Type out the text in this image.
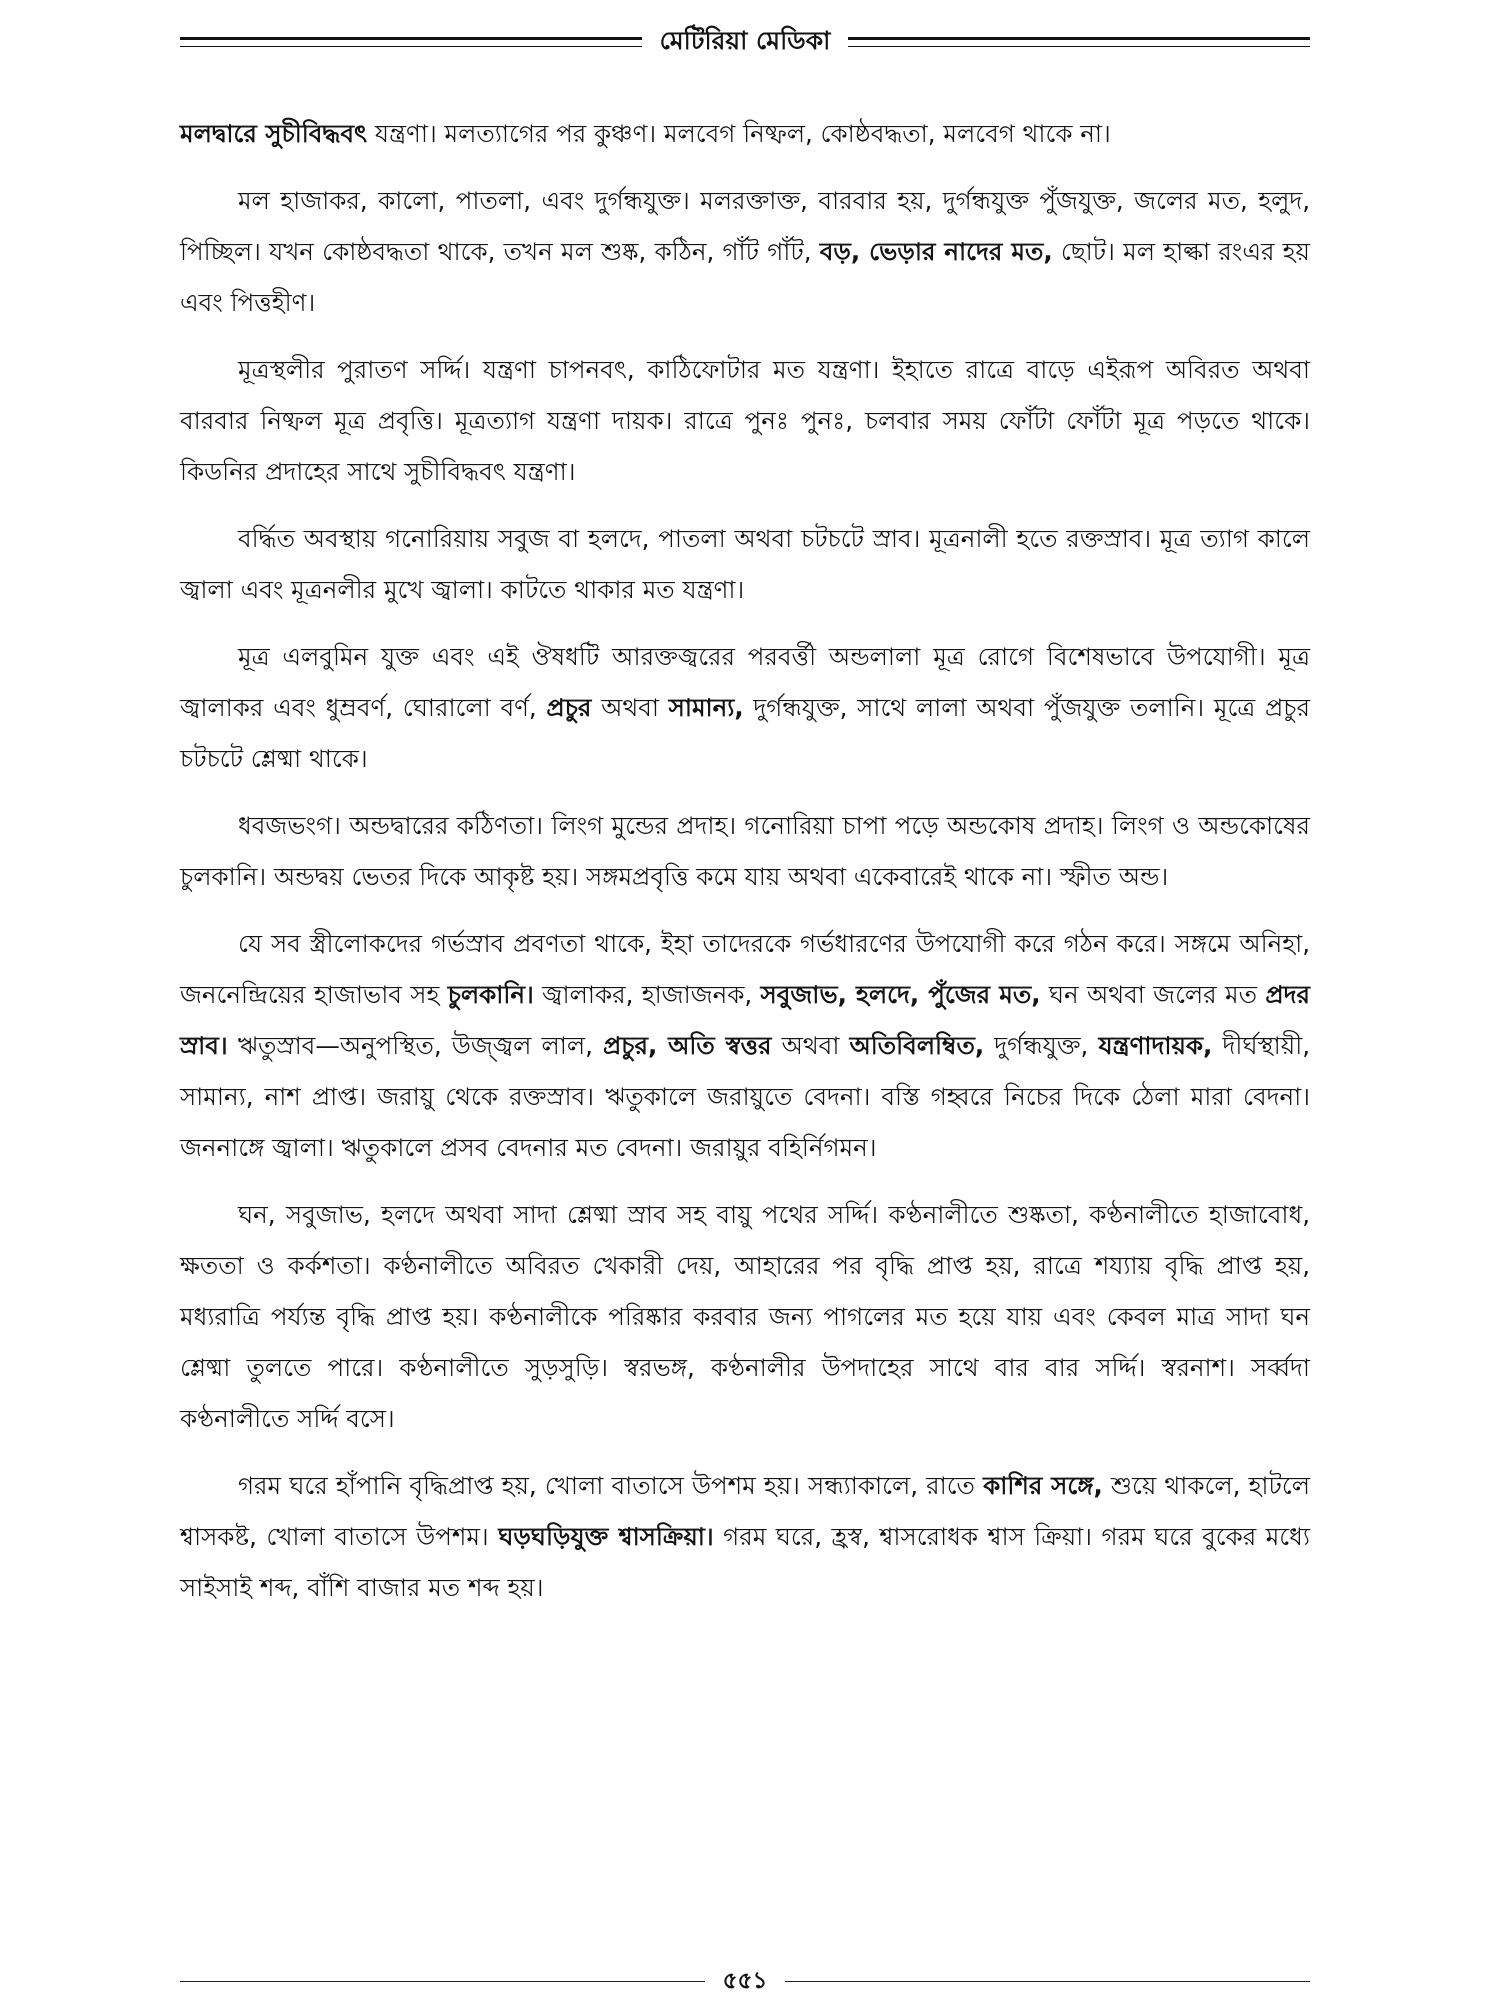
মেটিরিয়া মেডিকা

মলদ্বারে সুচীবিদ্ধবৎ যন্ত্রণা। মলত্যাগের পর কুঞ্চণ। মলবেগ নিষ্ফল, কোষ্ঠবদ্ধতা, মলবেগ থাকে না।

মল হাজাকর, কালো, পাতলা, এবং দুর্গন্ধযুক্ত। মলরক্তাক্ত, বারবার হয়, দুর্গন্ধযুক্ত পুঁজযুক্ত, জলের মত, হলুদ, পিচ্ছিল। যখন কোষ্ঠবদ্ধতা থাকে, তখন মল শুষ্ক, কঠিন, গাঁট গাঁট, বড়, ভেড়ার নাদের মত, ছোট। মল হাল্কা রংএর হয় এবং পিত্তহীণ।

মূত্রস্থলীর পুরাতণ সর্দ্দি। যন্ত্রণা চাপনবৎ, কাঠিফোটার মত যন্ত্রণা। ইহাতে রাত্রে বাড়ে এইরূপ অবিরত অথবা বারবার নিষ্ফল মূত্র প্রবৃত্তি। মূত্রত্যাগ যন্ত্রণা দায়ক। রাত্রে পুনঃ পুনঃ, চলবার সময় ফোঁটা ফোঁটা মূত্র পড়তে থাকে। কিডনির প্রদাহের সাথে সুচীবিদ্ধবৎ যন্ত্রণা।

বর্দ্ধিত অবস্থায় গনোরিয়ায় সবুজ বা হলদে, পাতলা অথবা চটচটে স্রাব। মূত্রনালী হতে রক্তস্রাব। মূত্র ত্যাগ কালে জ্বালা এবং মূত্রনলীর মুখে জ্বালা। কাটতে থাকার মত যন্ত্রণা।

মূত্র এলবুমিন যুক্ত এবং এই ঔষধটি আরক্তজ্বরের পরবর্ত্তী অন্ডলালা মূত্র রোগে বিশেষভাবে উপযোগী। মূত্র জ্বালাকর এবং ধুম্রবর্ণ, ঘোরালো বর্ণ, প্রচুর অথবা সামান্য, দুর্গন্ধযুক্ত, সাথে লালা অথবা পুঁজযুক্ত তলানি। মূত্রে প্রচুর চটচটে শ্লেষ্মা থাকে।

ধবজভংগ। অন্ডদ্বারের কঠিণতা। লিংগ মুন্ডের প্রদাহ। গনোরিয়া চাপা পড়ে অন্ডকোষ প্রদাহ। লিংগ ও অন্ডকোষের চুলকানি। অন্ডদ্বয় ভেতর দিকে আকৃষ্ট হয়। সঙ্গমপ্রবৃত্তি কমে যায় অথবা একেবারেই থাকে না। স্ফীত অন্ড।

যে সব স্ত্রীলোকদের গর্ভস্রাব প্রবণতা থাকে, ইহা তাদেরকে গর্ভধারণের উপযোগী করে গঠন করে। সঙ্গমে অনিহা, জননেন্দ্রিয়ের হাজাভাব সহ চুলকানি। জ্বালাকর, হাজাজনক, সবুজাভ, হলদে, পুঁজের মত, ঘন অথবা জলের মত প্রদর স্রাব। ঋতুস্রাব—অনুপস্থিত, উজ্জ্বল লাল, প্রচুর, অতি স্বত্তর অথবা অতিবিলম্বিত, দুর্গন্ধযুক্ত, যন্ত্রণাদায়ক, দীর্ঘস্থায়ী, সামান্য, নাশ প্রাপ্ত। জরায়ু থেকে রক্তস্রাব। ঋতুকালে জরায়ুতে বেদনা। বস্তি গহ্বরে নিচের দিকে ঠেলা মারা বেদনা। জননাঙ্গে জ্বালা। ঋতুকালে প্রসব বেদনার মত বেদনা। জরায়ুর বহির্নিগমন।

ঘন, সবুজাভ, হলদে অথবা সাদা শ্লেষ্মা স্রাব সহ বায়ু পথের সর্দ্দি। কণ্ঠনালীতে শুষ্কতা, কণ্ঠনালীতে হাজাবোধ, ক্ষততা ও কর্কশতা। কণ্ঠনালীতে অবিরত খেকারী দেয়, আহারের পর বৃদ্ধি প্রাপ্ত হয়, রাত্রে শয্যায় বৃদ্ধি প্রাপ্ত হয়, মধ্যরাত্রি পর্য্যন্ত বৃদ্ধি প্রাপ্ত হয়। কণ্ঠনালীকে পরিষ্কার করবার জন্য পাগলের মত হয়ে যায় এবং কেবল মাত্র সাদা ঘন শ্লেষ্মা তুলতে পারে। কণ্ঠনালীতে সুড়সুড়ি। স্বরভঙ্গ, কণ্ঠনালীর উপদাহের সাথে বার বার সর্দ্দি। স্বরনাশ। সর্ব্বদা কণ্ঠনালীতে সর্দ্দি বসে।

গরম ঘরে হাঁপানি বৃদ্ধিপ্রাপ্ত হয়, খোলা বাতাসে উপশম হয়। সন্ধ্যাকালে, রাতে কাশির সঙ্গে, শুয়ে থাকলে, হাটলে শ্বাসকষ্ট, খোলা বাতাসে উপশম। ঘড়ঘড়িযুক্ত শ্বাসক্রিয়া। গরম ঘরে, হ্রস্ব, শ্বাসরোধক শ্বাস ক্রিয়া। গরম ঘরে বুকের মধ্যে সাইসাই শব্দ, বাঁশি বাজার মত শব্দ হয়।

৫৫১
